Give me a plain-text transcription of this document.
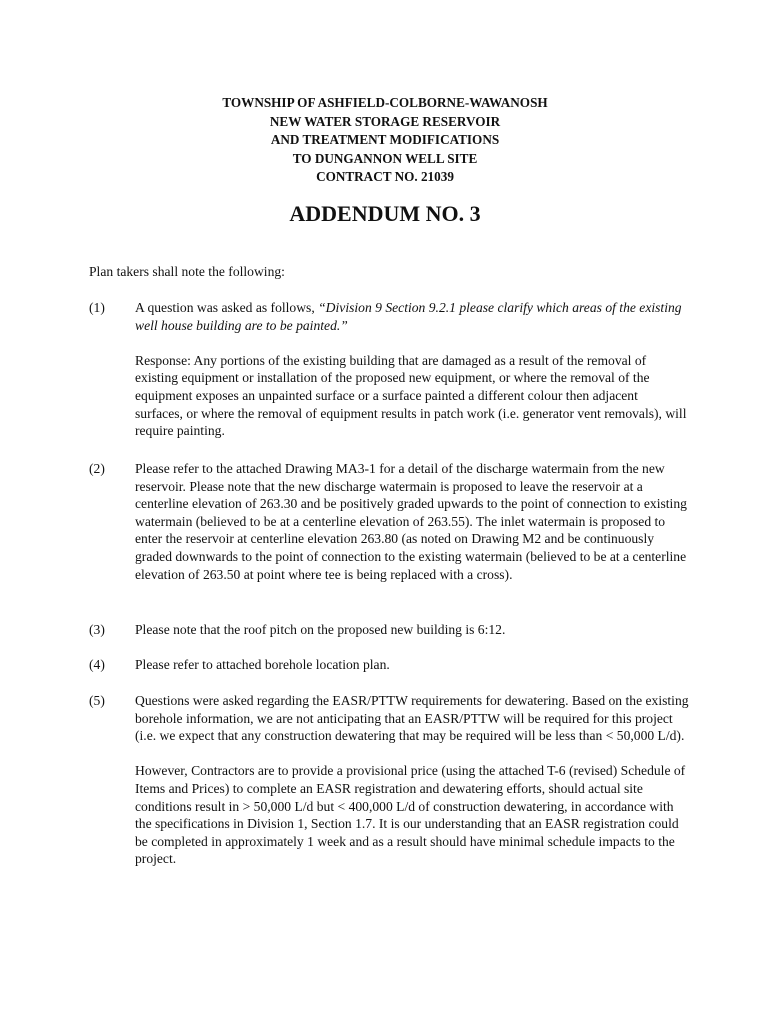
TOWNSHIP OF ASHFIELD-COLBORNE-WAWANOSH
NEW WATER STORAGE RESERVOIR
AND TREATMENT MODIFICATIONS
TO DUNGANNON WELL SITE
CONTRACT NO. 21039
ADDENDUM NO. 3
Plan takers shall note the following:
(1) A question was asked as follows, “Division 9 Section 9.2.1 please clarify which areas of the existing well house building are to be painted.”

Response: Any portions of the existing building that are damaged as a result of the removal of existing equipment or installation of the proposed new equipment, or where the removal of the equipment exposes an unpainted surface or a surface painted a different colour then adjacent surfaces, or where the removal of equipment results in patch work (i.e. generator vent removals), will require painting.

(2) Please refer to the attached Drawing MA3-1 for a detail of the discharge watermain from the new reservoir. Please note that the new discharge watermain is proposed to leave the reservoir at a centerline elevation of 263.30 and be positively graded upwards to the point of connection to existing watermain (believed to be at a centerline elevation of 263.55). The inlet watermain is proposed to enter the reservoir at centerline elevation 263.80 (as noted on Drawing M2 and be continuously graded downwards to the point of connection to the existing watermain (believed to be at a centerline elevation of 263.50 at point where tee is being replaced with a cross).

(3) Please note that the roof pitch on the proposed new building is 6:12.

(4) Please refer to attached borehole location plan.

(5) Questions were asked regarding the EASR/PTTW requirements for dewatering. Based on the existing borehole information, we are not anticipating that an EASR/PTTW will be required for this project (i.e. we expect that any construction dewatering that may be required will be less than < 50,000 L/d).

However, Contractors are to provide a provisional price (using the attached T-6 (revised) Schedule of Items and Prices) to complete an EASR registration and dewatering efforts, should actual site conditions result in > 50,000 L/d but < 400,000 L/d of construction dewatering, in accordance with the specifications in Division 1, Section 1.7. It is our understanding that an EASR registration could be completed in approximately 1 week and as a result should have minimal schedule impacts to the project.
